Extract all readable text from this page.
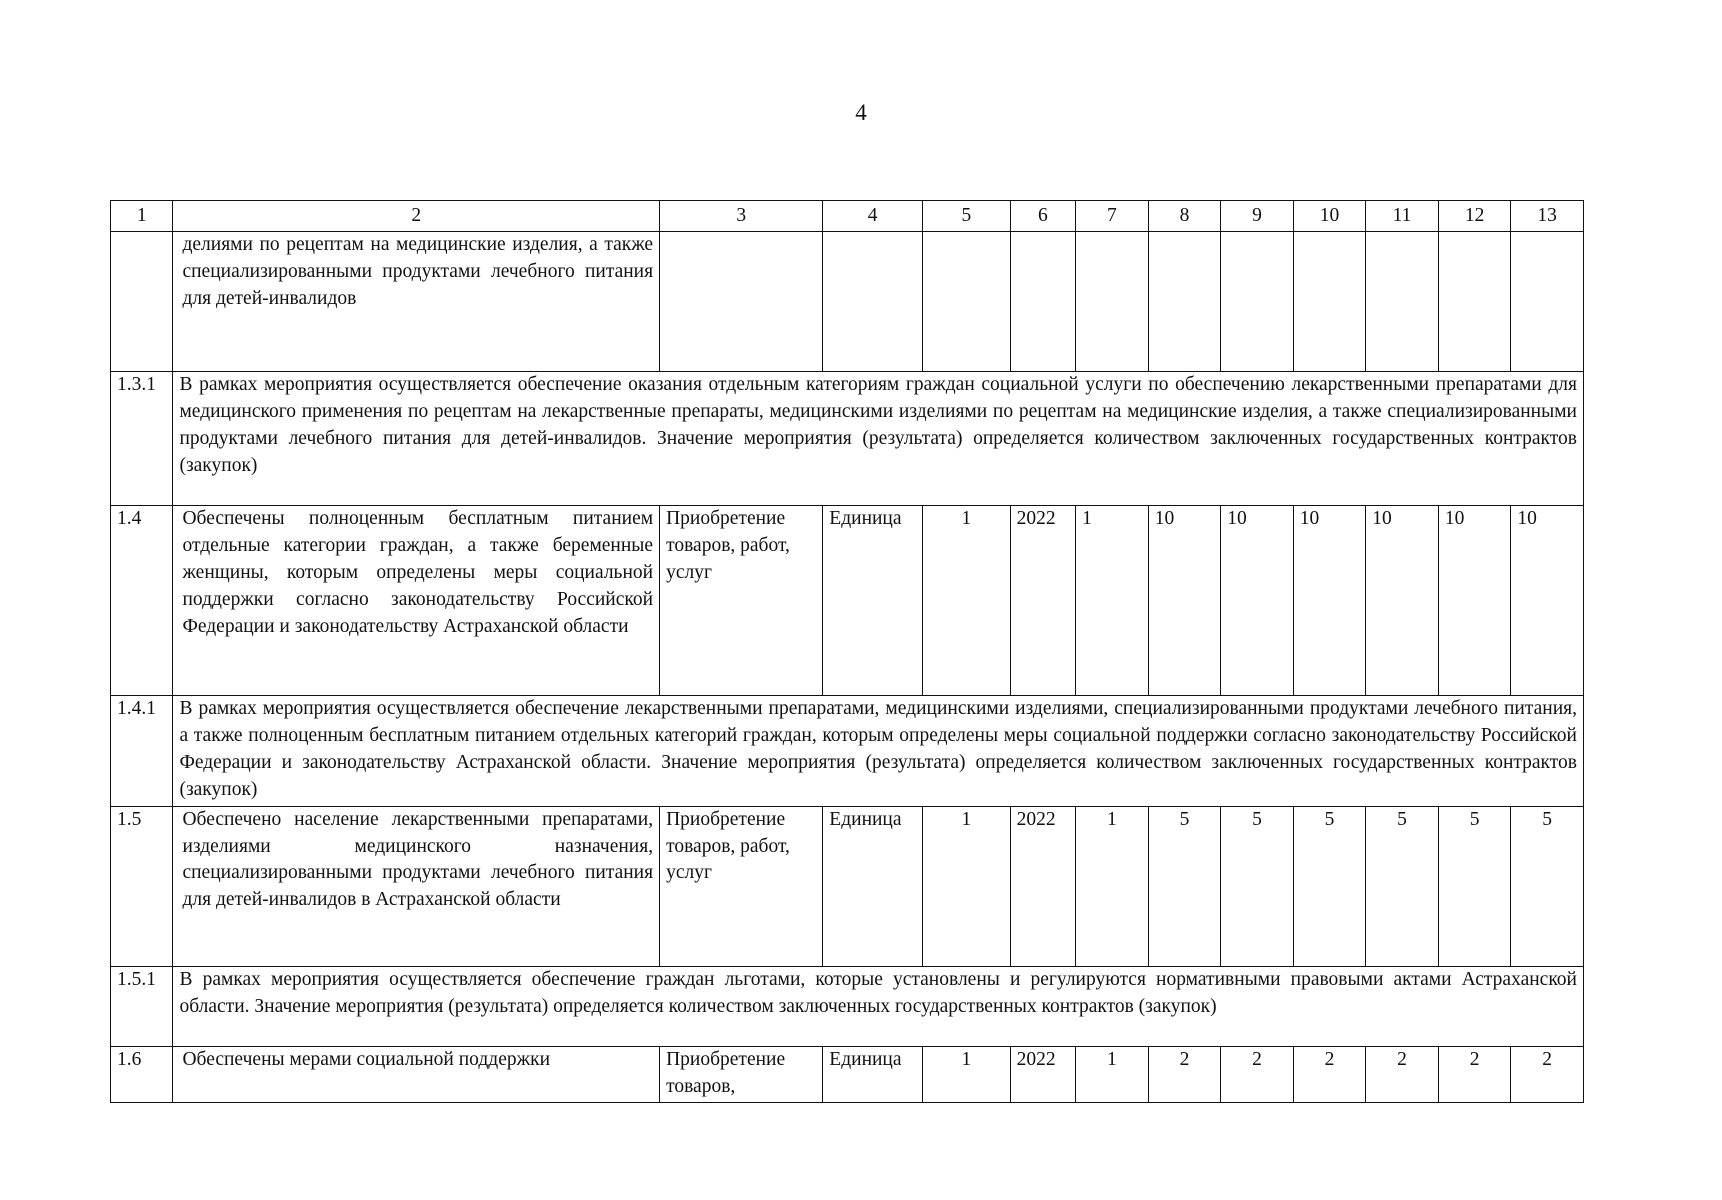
4
1	2	3	4	5	6	7	8	9	10	11	12	13
	делиями по рецептам на медицинские изделия, а также специализированными продуктами лечебного питания для детей-инвалидов											
1.3.1	В рамках мероприятия осуществляется обеспечение оказания отдельным категориям граждан социальной услуги по обеспечению лекарственными препаратами для медицинского применения по рецептам на лекарственные препараты, медицинскими изделиями по рецептам на медицинские изделия, а также специализированными продуктами лечебного питания для детей-инвалидов. Значение мероприятия (результата) определяется количеством заключенных государственных контрактов (закупок)											
1.4	Обеспечены полноценным бесплатным питанием отдельные категории граждан, а также беременные женщины, которым определены меры социальной поддержки согласно законодательству Российской Федерации и законодательству Астраханской области	Приобретение товаров, работ, услуг	Единица	1	2022	1	10	10	10	10	10	10
1.4.1	В рамках мероприятия осуществляется обеспечение лекарственными препаратами, медицинскими изделиями, специализированными продуктами лечебного питания, а также полноценным бесплатным питанием отдельных категорий граждан, которым определены меры социальной поддержки согласно законодательству Российской Федерации и законодательству Астраханской области. Значение мероприятия (результата) определяется количеством заключенных государственных контрактов (закупок)											
1.5	Обеспечено население лекарственными препаратами, изделиями медицинского назначения, специализированными продуктами лечебного питания для детей-инвалидов в Астраханской области	Приобретение товаров, работ, услуг	Единица	1	2022	1	5	5	5	5	5	5
1.5.1	В рамках мероприятия осуществляется обеспечение граждан льготами, которые установлены и регулируются нормативными правовыми актами Астраханской области. Значение мероприятия (результата) определяется количеством заключенных государственных контрактов (закупок)											
1.6	Обеспечены мерами социальной поддержки	Приобретение товаров,	Единица	1	2022	1	2	2	2	2	2	2
